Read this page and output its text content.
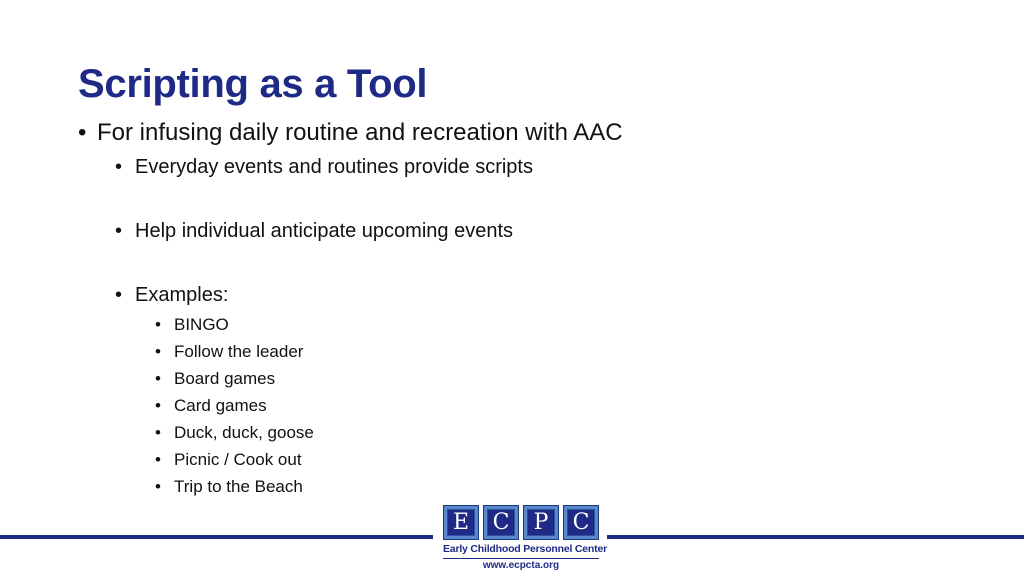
Scripting as a Tool
• For infusing daily routine and recreation with AAC
• Everyday events and routines provide scripts
• Help individual anticipate upcoming events
• Examples:
• BINGO
• Follow the leader
• Board games
• Card games
• Duck, duck, goose
• Picnic / Cook out
• Trip to the Beach
E C P C
Early Childhood Personnel Center
www.ecpcta.org
